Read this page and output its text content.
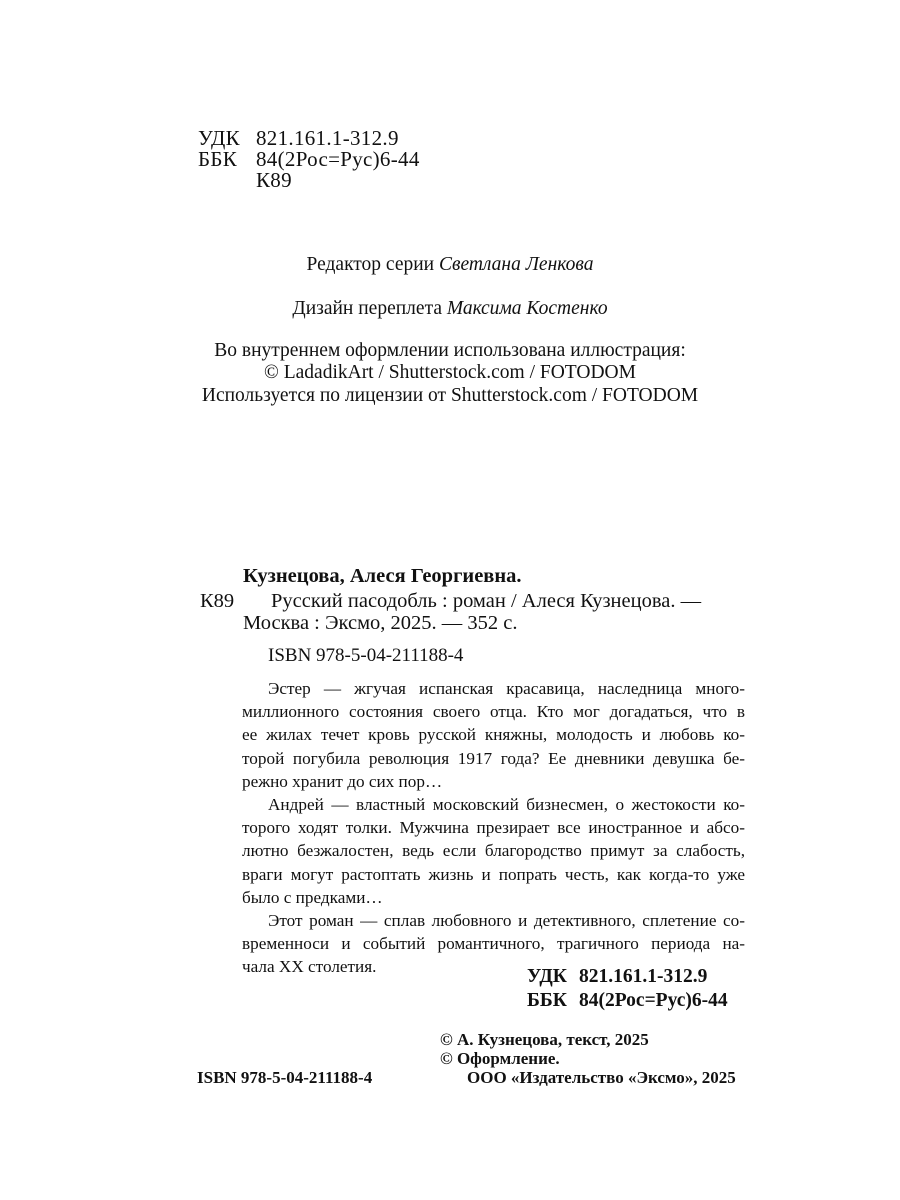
УДК 821.161.1-312.9
ББК 84(2Рос=Рус)6-44
К89
Редактор серии Светлана Ленкова
Дизайн переплета Максима Костенко
Во внутреннем оформлении использована иллюстрация:
© LadadikArt / Shutterstock.com / FOTODOM
Используется по лицензии от Shutterstock.com / FOTODOM
Кузнецова, Алеся Георгиевна.
К89 Русский пасодобль : роман / Алеся Кузнецова. —
Москва : Эксмо, 2025. — 352 с.
ISBN 978-5-04-211188-4

Эстер — жгучая испанская красавица, наследница много-
миллионного состояния своего отца. Кто мог догадаться, что в
ее жилах течет кровь русской княжны, молодость и любовь ко-
торой погубила революция 1917 года? Ее дневники девушка бе-
режно хранит до сих пор…

Андрей — властный московский бизнесмен, о жестокости ко-
торого ходят толки. Мужчина презирает все иностранное и абсо-
лютно безжалостен, ведь если благородство примут за слабость,
враги могут растоптать жизнь и попрать честь, как когда-то уже
было с предками…

Этот роман — сплав любовного и детективного, сплетение со-
временноси и событий романтичного, трагичного периода на-
чала XX столетия.	УДК 821.161.1-312.9
ББК 84(2Рос=Рус)6-44
© А. Кузнецова, текст, 2025
© Оформление.
ISBN 978-5-04-211188-4	ООО «Издательство «Эксмо», 2025
